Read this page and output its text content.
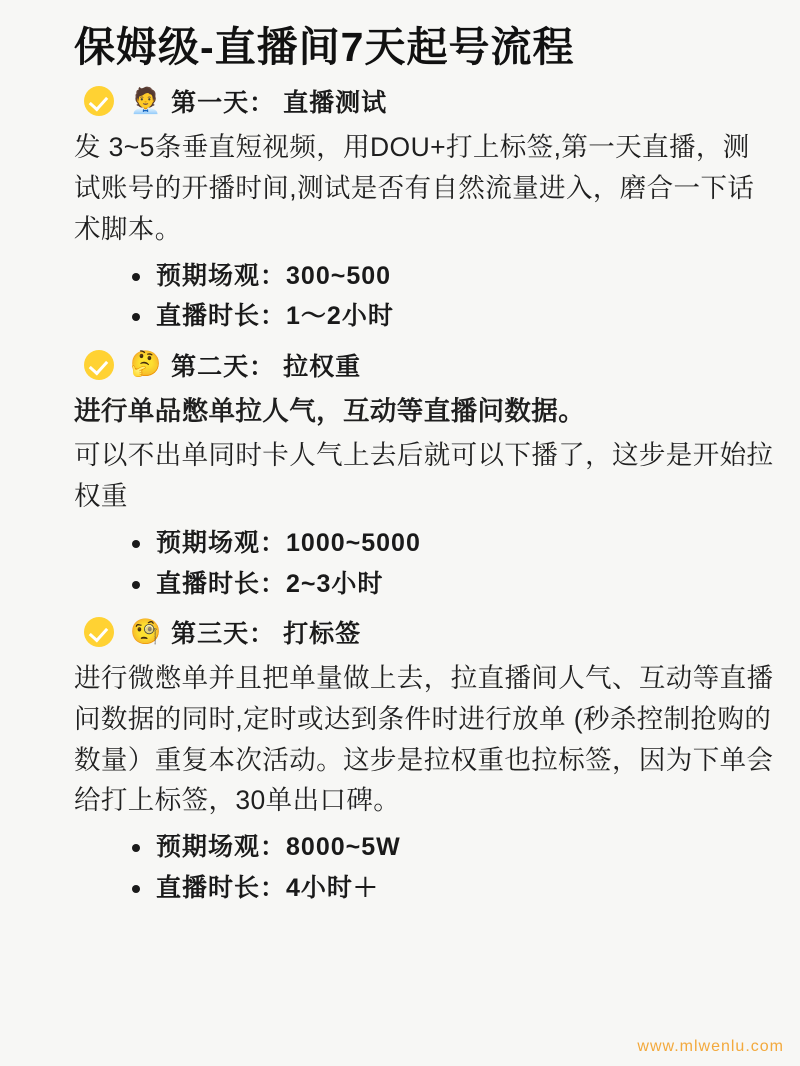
保姆级-直播间7天起号流程
🧑‍💼 第一天： 直播测试

发 3~5条垂直短视频，用DOU+打上标签,第一天直播，测试账号的开播时间,测试是否有自然流量进入，磨合一下话术脚本。

预期场观：300~500
直播时长：1～2小时
🤔 第二天： 拉权重

进行单品憋单拉人气，互动等直播问数据。

可以不出单同时卡人气上去后就可以下播了，这步是开始拉权重

预期场观：1000~5000
直播时长：2~3小时
🧐 第三天： 打标签

进行微憋单并且把单量做上去，拉直播间人气、互动等直播问数据的同时,定时或达到条件时进行放单 (秒杀控制抢购的数量）重复本次活动。这步是拉权重也拉标签，因为下单会给打上标签，30单出口碑。

预期场观：8000~5W
直播时长：4小时＋
www.mlwenlu.com
